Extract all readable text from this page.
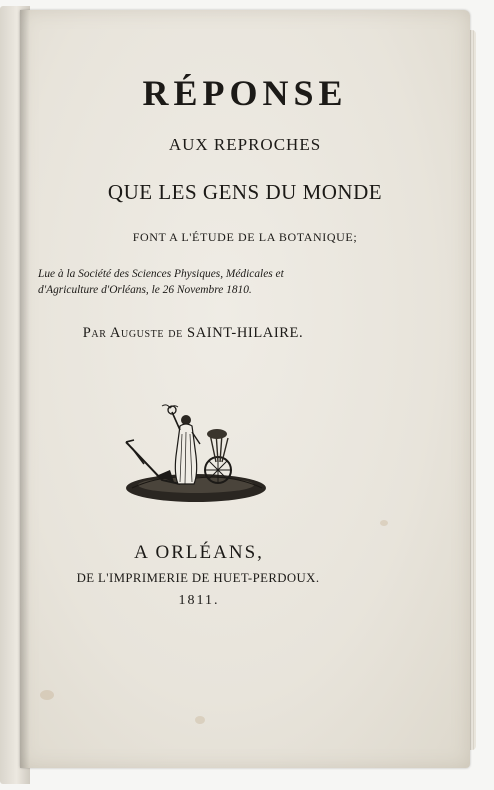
RÉPONSE
AUX REPROCHES
QUE LES GENS DU MONDE
FONT A L'ÉTUDE DE LA BOTANIQUE;
Lue à la Société des Sciences Physiques, Médicales et
d'Agriculture d'Orléans, le 26 Novembre 1810.
Par Auguste de SAINT-HILAIRE.
A ORLÉANS,
DE L'IMPRIMERIE DE HUET-PERDOUX.
1811.
